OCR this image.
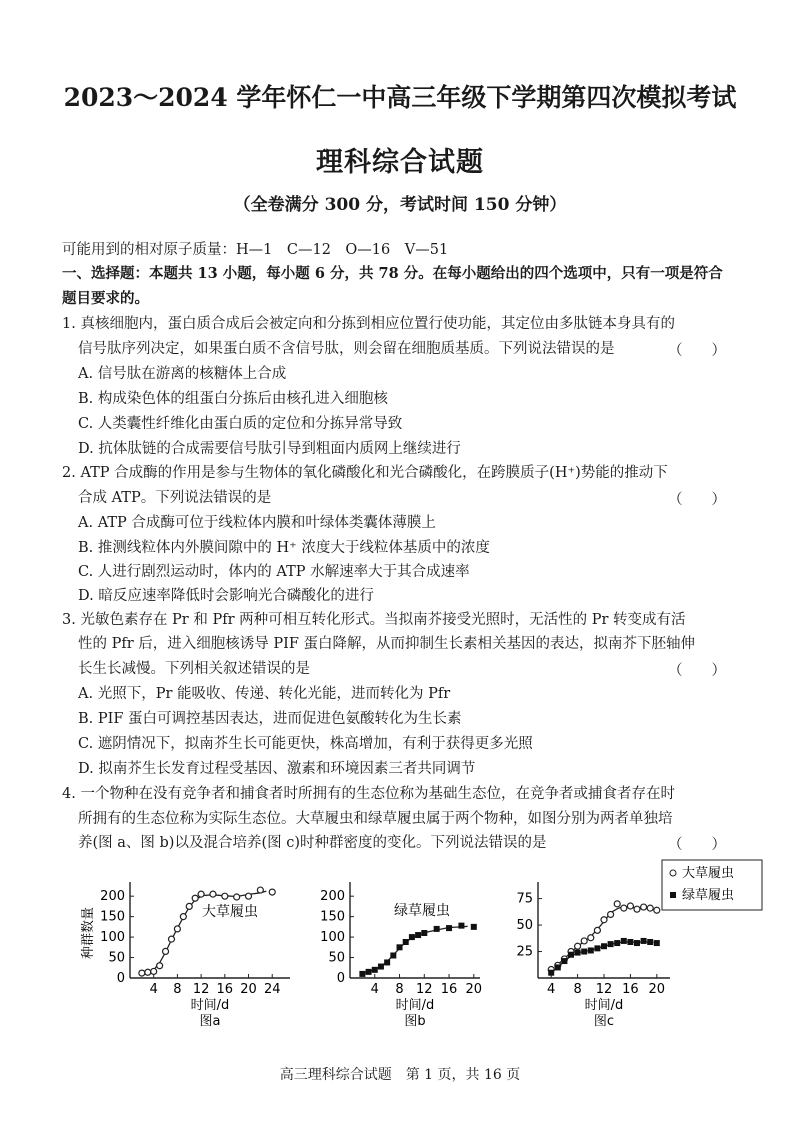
2023～2024 学年怀仁一中高三年级下学期第四次模拟考试
理科综合试题
（全卷满分 300 分，考试时间 150 分钟）
可能用到的相对原子质量：H—1　C—12　O—16　V—51
一、选择题：本题共 13 小题，每小题 6 分，共 78 分。在每小题给出的四个选项中，只有一项是符合
题目要求的。
1. 真核细胞内，蛋白质合成后会被定向和分拣到相应位置行使功能，其定位由多肽链本身具有的
信号肽序列决定，如果蛋白质不含信号肽，则会留在细胞质基质。下列说法错误的是	（　　）
A. 信号肽在游离的核糖体上合成
B. 构成染色体的组蛋白分拣后由核孔进入细胞核
C. 人类囊性纤维化由蛋白质的定位和分拣异常导致
D. 抗体肽链的合成需要信号肽引导到粗面内质网上继续进行
2. ATP 合成酶的作用是参与生物体的氧化磷酸化和光合磷酸化，在跨膜质子(H⁺)势能的推动下
合成 ATP。下列说法错误的是	（　　）
A. ATP 合成酶可位于线粒体内膜和叶绿体类囊体薄膜上
B. 推测线粒体内外膜间隙中的 H⁺ 浓度大于线粒体基质中的浓度
C. 人进行剧烈运动时，体内的 ATP 水解速率大于其合成速率
D. 暗反应速率降低时会影响光合磷酸化的进行
3. 光敏色素存在 Pr 和 Pfr 两种可相互转化形式。当拟南芥接受光照时，无活性的 Pr 转变成有活
性的 Pfr 后，进入细胞核诱导 PIF 蛋白降解，从而抑制生长素相关基因的表达，拟南芥下胚轴伸
长生长减慢。下列相关叙述错误的是	（　　）
A. 光照下，Pr 能吸收、传递、转化光能，进而转化为 Pfr
B. PIF 蛋白可调控基因表达，进而促进色氨酸转化为生长素
C. 遮阴情况下，拟南芥生长可能更快，株高增加，有利于获得更多光照
D. 拟南芥生长发育过程受基因、激素和环境因素三者共同调节
4. 一个物种在没有竞争者和捕食者时所拥有的生态位称为基础生态位，在竞争者或捕食者存在时
所拥有的生态位称为实际生态位。大草履虫和绿草履虫属于两个物种，如图分别为两者单独培
养(图 a、图 b)以及混合培养(图 c)时种群密度的变化。下列说法错误的是	（　　）
4 8 12 16 20 24
0
50
100
150
200
时间/d
图a
种群数量	大草履虫
4 8 12 16 20
0
50
100
150
200
时间/d
图b
绿草履虫
4 8 12 16 20
25
50
75
时间/d
图c
大草履虫
绿草履虫
高三理科综合试题　第 1 页，共 16 页
